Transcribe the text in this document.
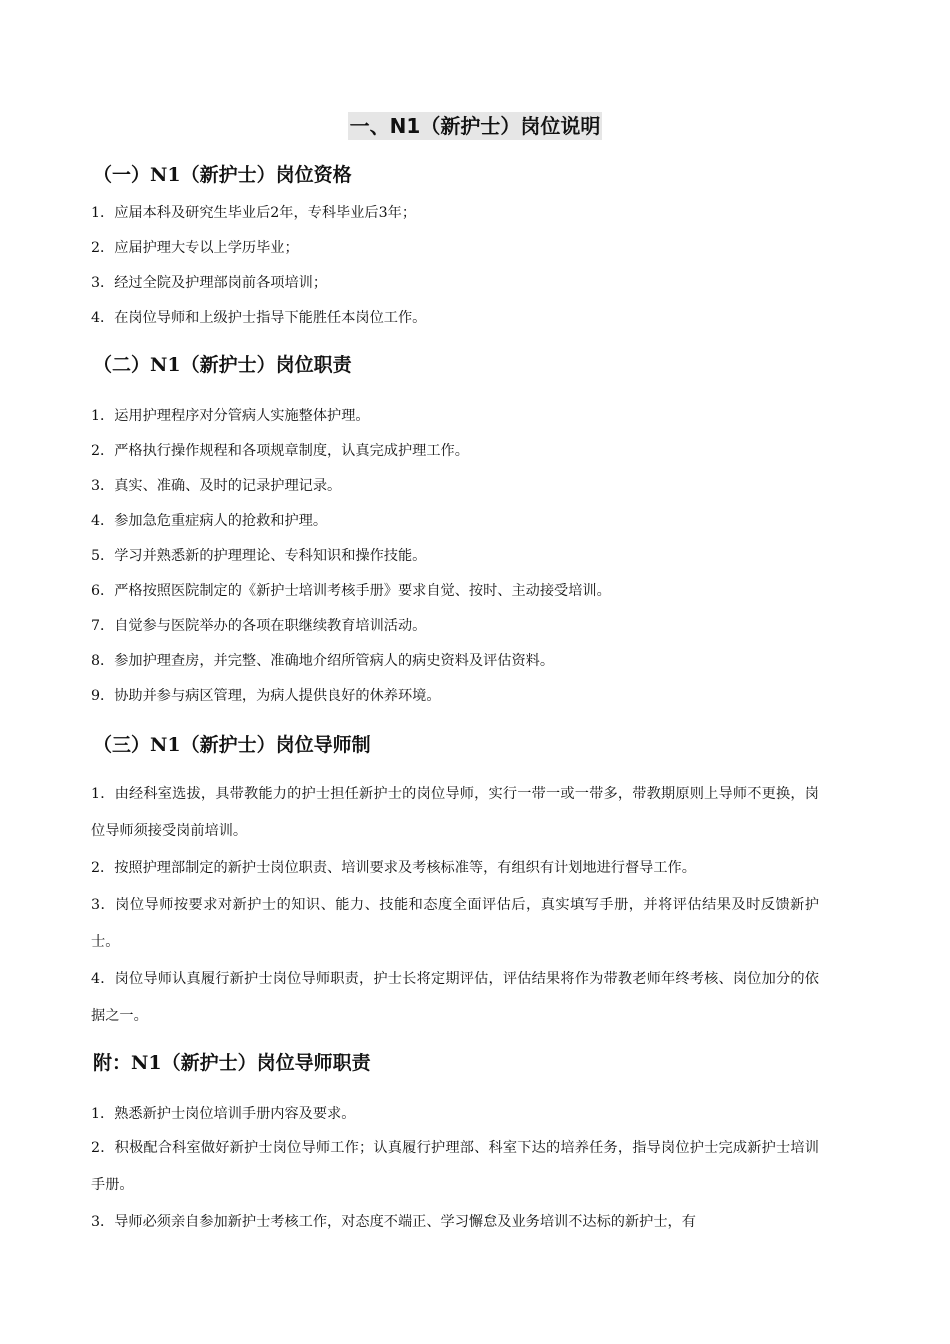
一、N1（新护士）岗位说明
（一）N1（新护士）岗位资格
1．应届本科及研究生毕业后2年，专科毕业后3年；
2．应届护理大专以上学历毕业；
3．经过全院及护理部岗前各项培训；
4．在岗位导师和上级护士指导下能胜任本岗位工作。
（二）N1（新护士）岗位职责
1．运用护理程序对分管病人实施整体护理。
2．严格执行操作规程和各项规章制度，认真完成护理工作。
3．真实、准确、及时的记录护理记录。
4．参加急危重症病人的抢救和护理。
5．学习并熟悉新的护理理论、专科知识和操作技能。
6．严格按照医院制定的《新护士培训考核手册》要求自觉、按时、主动接受培训。
7．自觉参与医院举办的各项在职继续教育培训活动。
8．参加护理查房，并完整、准确地介绍所管病人的病史资料及评估资料。
9．协助并参与病区管理，为病人提供良好的休养环境。
（三）N1（新护士）岗位导师制
1．由经科室选拔，具带教能力的护士担任新护士的岗位导师，实行一带一或一带多，带教期原则上导师不更换，岗位导师须接受岗前培训。
2．按照护理部制定的新护士岗位职责、培训要求及考核标准等，有组织有计划地进行督导工作。
3．岗位导师按要求对新护士的知识、能力、技能和态度全面评估后，真实填写手册，并将评估结果及时反馈新护士。
4．岗位导师认真履行新护士岗位导师职责，护士长将定期评估，评估结果将作为带教老师年终考核、岗位加分的依据之一。
附：N1（新护士）岗位导师职责
1．熟悉新护士岗位培训手册内容及要求。
2．积极配合科室做好新护士岗位导师工作；认真履行护理部、科室下达的培养任务，指导岗位护士完成新护士培训手册。
3．导师必须亲自参加新护士考核工作，对态度不端正、学习懈怠及业务培训不达标的新护士，有
